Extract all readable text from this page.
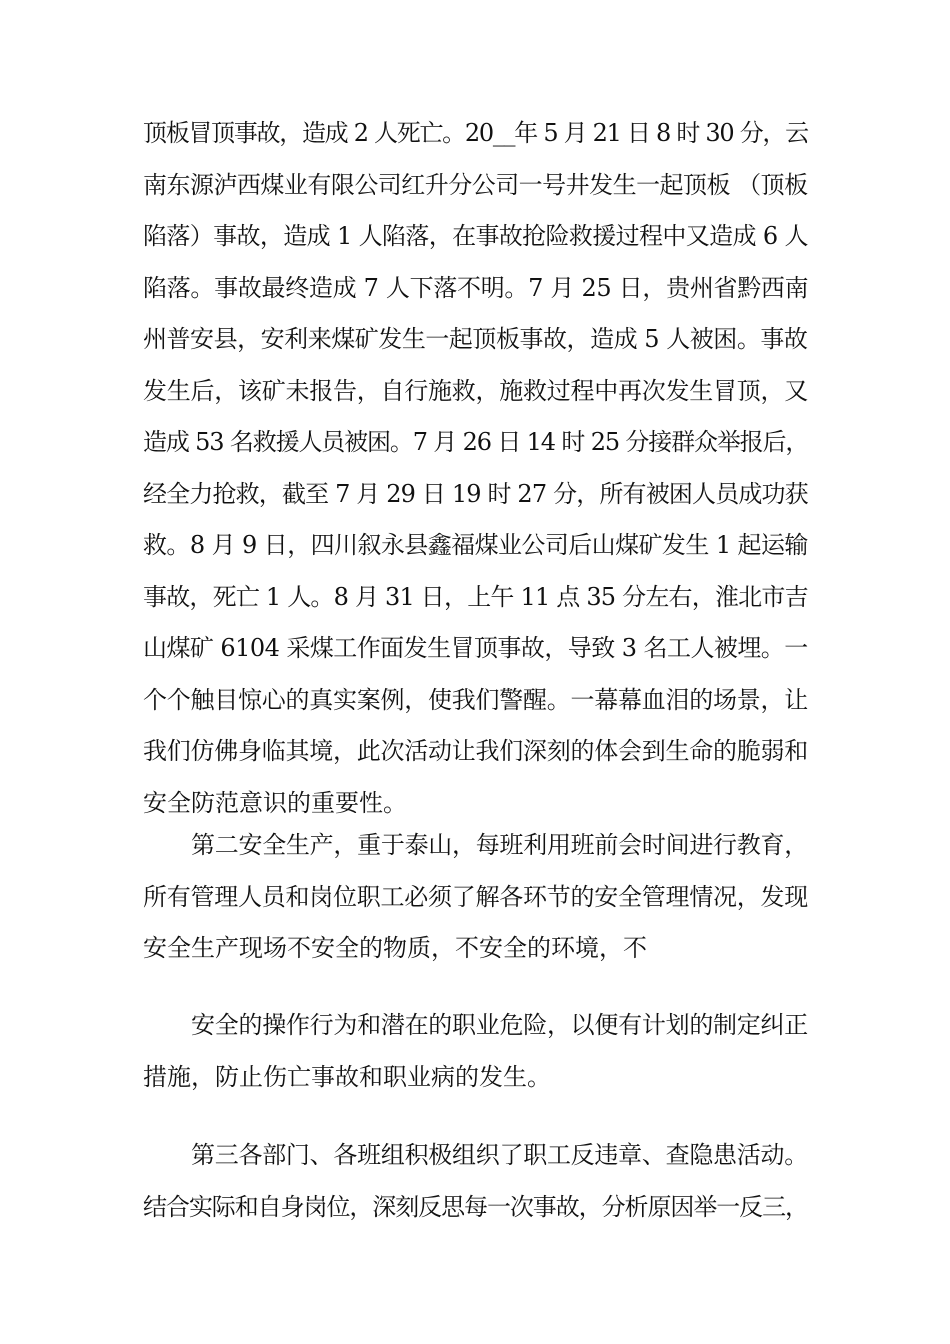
顶板冒顶事故，造成 2 人死亡。20__年 5 月 21 日 8 时 30 分，云
南东源泸西煤业有限公司红升分公司一号井发生一起顶板 （顶板
陷落）事故，造成 1 人陷落，在事故抢险救援过程中又造成 6 人
陷落。事故最终造成 7 人下落不明。7 月 25 日，贵州省黔西南
州普安县，安利来煤矿发生一起顶板事故，造成 5 人被困。事故
发生后，该矿未报告，自行施救，施救过程中再次发生冒顶，又
造成 53 名救援人员被困。7 月 26 日 14 时 25 分接群众举报后，
经全力抢救，截至 7 月 29 日 19 时 27 分，所有被困人员成功获
救。8 月 9 日，四川叙永县鑫福煤业公司后山煤矿发生 1 起运输
事故，死亡 1 人。8 月 31 日，上午 11 点 35 分左右，淮北市吉
山煤矿 6104 采煤工作面发生冒顶事故，导致 3 名工人被埋。一
个个触目惊心的真实案例，使我们警醒。一幕幕血泪的场景，让
我们仿佛身临其境，此次活动让我们深刻的体会到生命的脆弱和
安全防范意识的重要性。
第二安全生产，重于泰山，每班利用班前会时间进行教育，
所有管理人员和岗位职工必须了解各环节的安全管理情况，发现
安全生产现场不安全的物质，不安全的环境，不
安全的操作行为和潜在的职业危险，以便有计划的制定纠正
措施，防止伤亡事故和职业病的发生。
第三各部门、各班组积极组织了职工反违章、查隐患活动。
结合实际和自身岗位，深刻反思每一次事故，分析原因举一反三，
